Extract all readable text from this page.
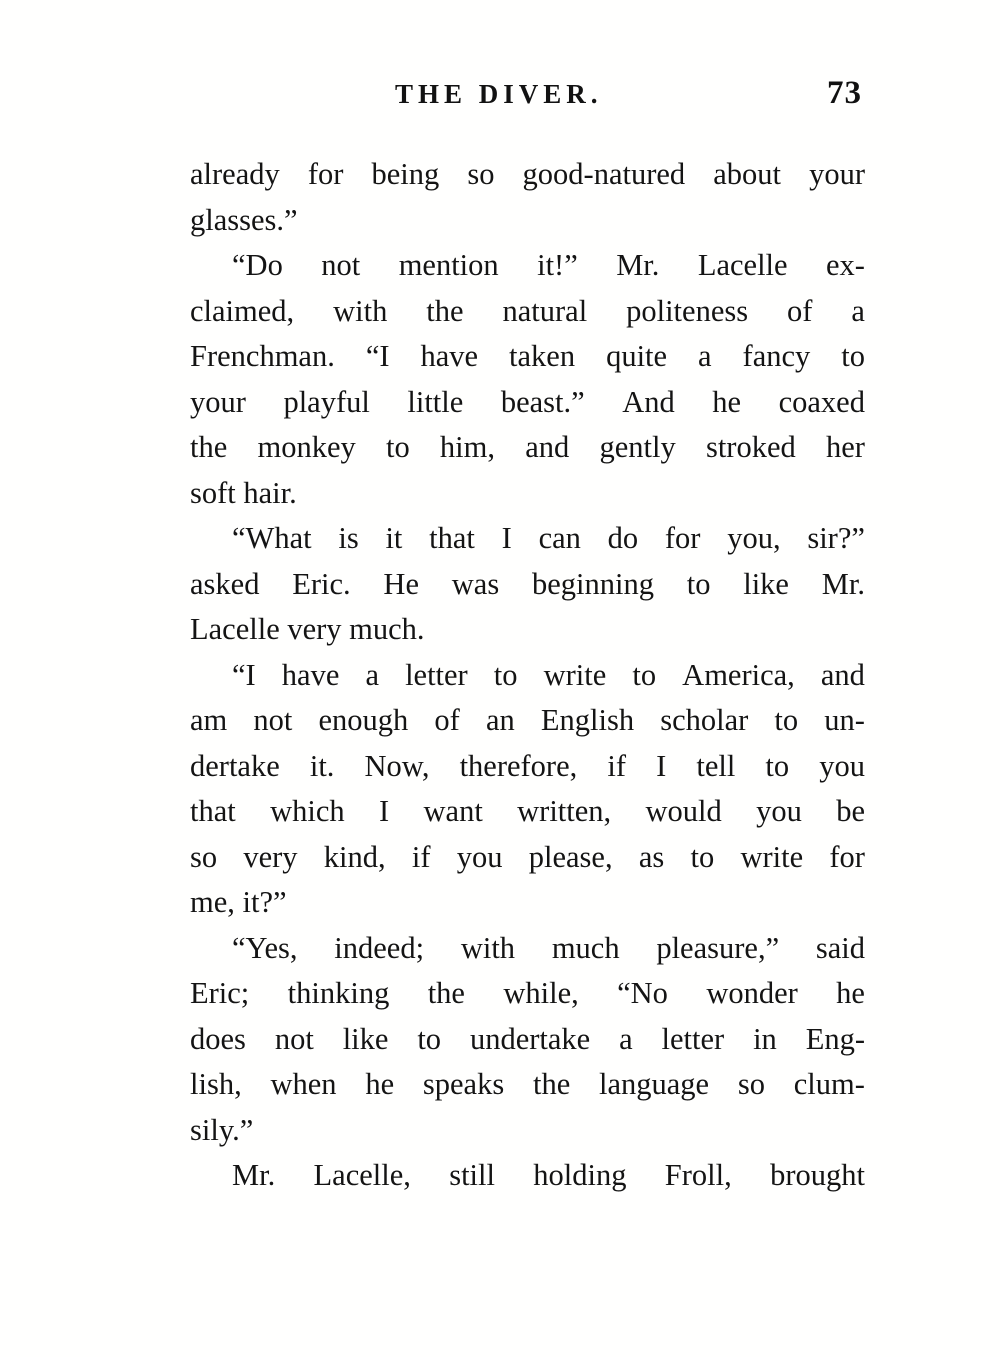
THE DIVER.	73

already for being so good-natured about your
glasses.”

“Do not mention it!” Mr. Lacelle ex-
claimed, with the natural politeness of a
Frenchman. “I have taken quite a fancy to
your playful little beast.” And he coaxed
the monkey to him, and gently stroked her
soft hair.

“What is it that I can do for you, sir?”
asked Eric. He was beginning to like Mr.
Lacelle very much.

“I have a letter to write to America, and
am not enough of an English scholar to un-
dertake it. Now, therefore, if I tell to you
that which I want written, would you be
so very kind, if you please, as to write for
me, it?”

“Yes, indeed; with much pleasure,” said
Eric; thinking the while, “No wonder he
does not like to undertake a letter in Eng-
lish, when he speaks the language so clum-
sily.”

Mr. Lacelle, still holding Froll, brought
